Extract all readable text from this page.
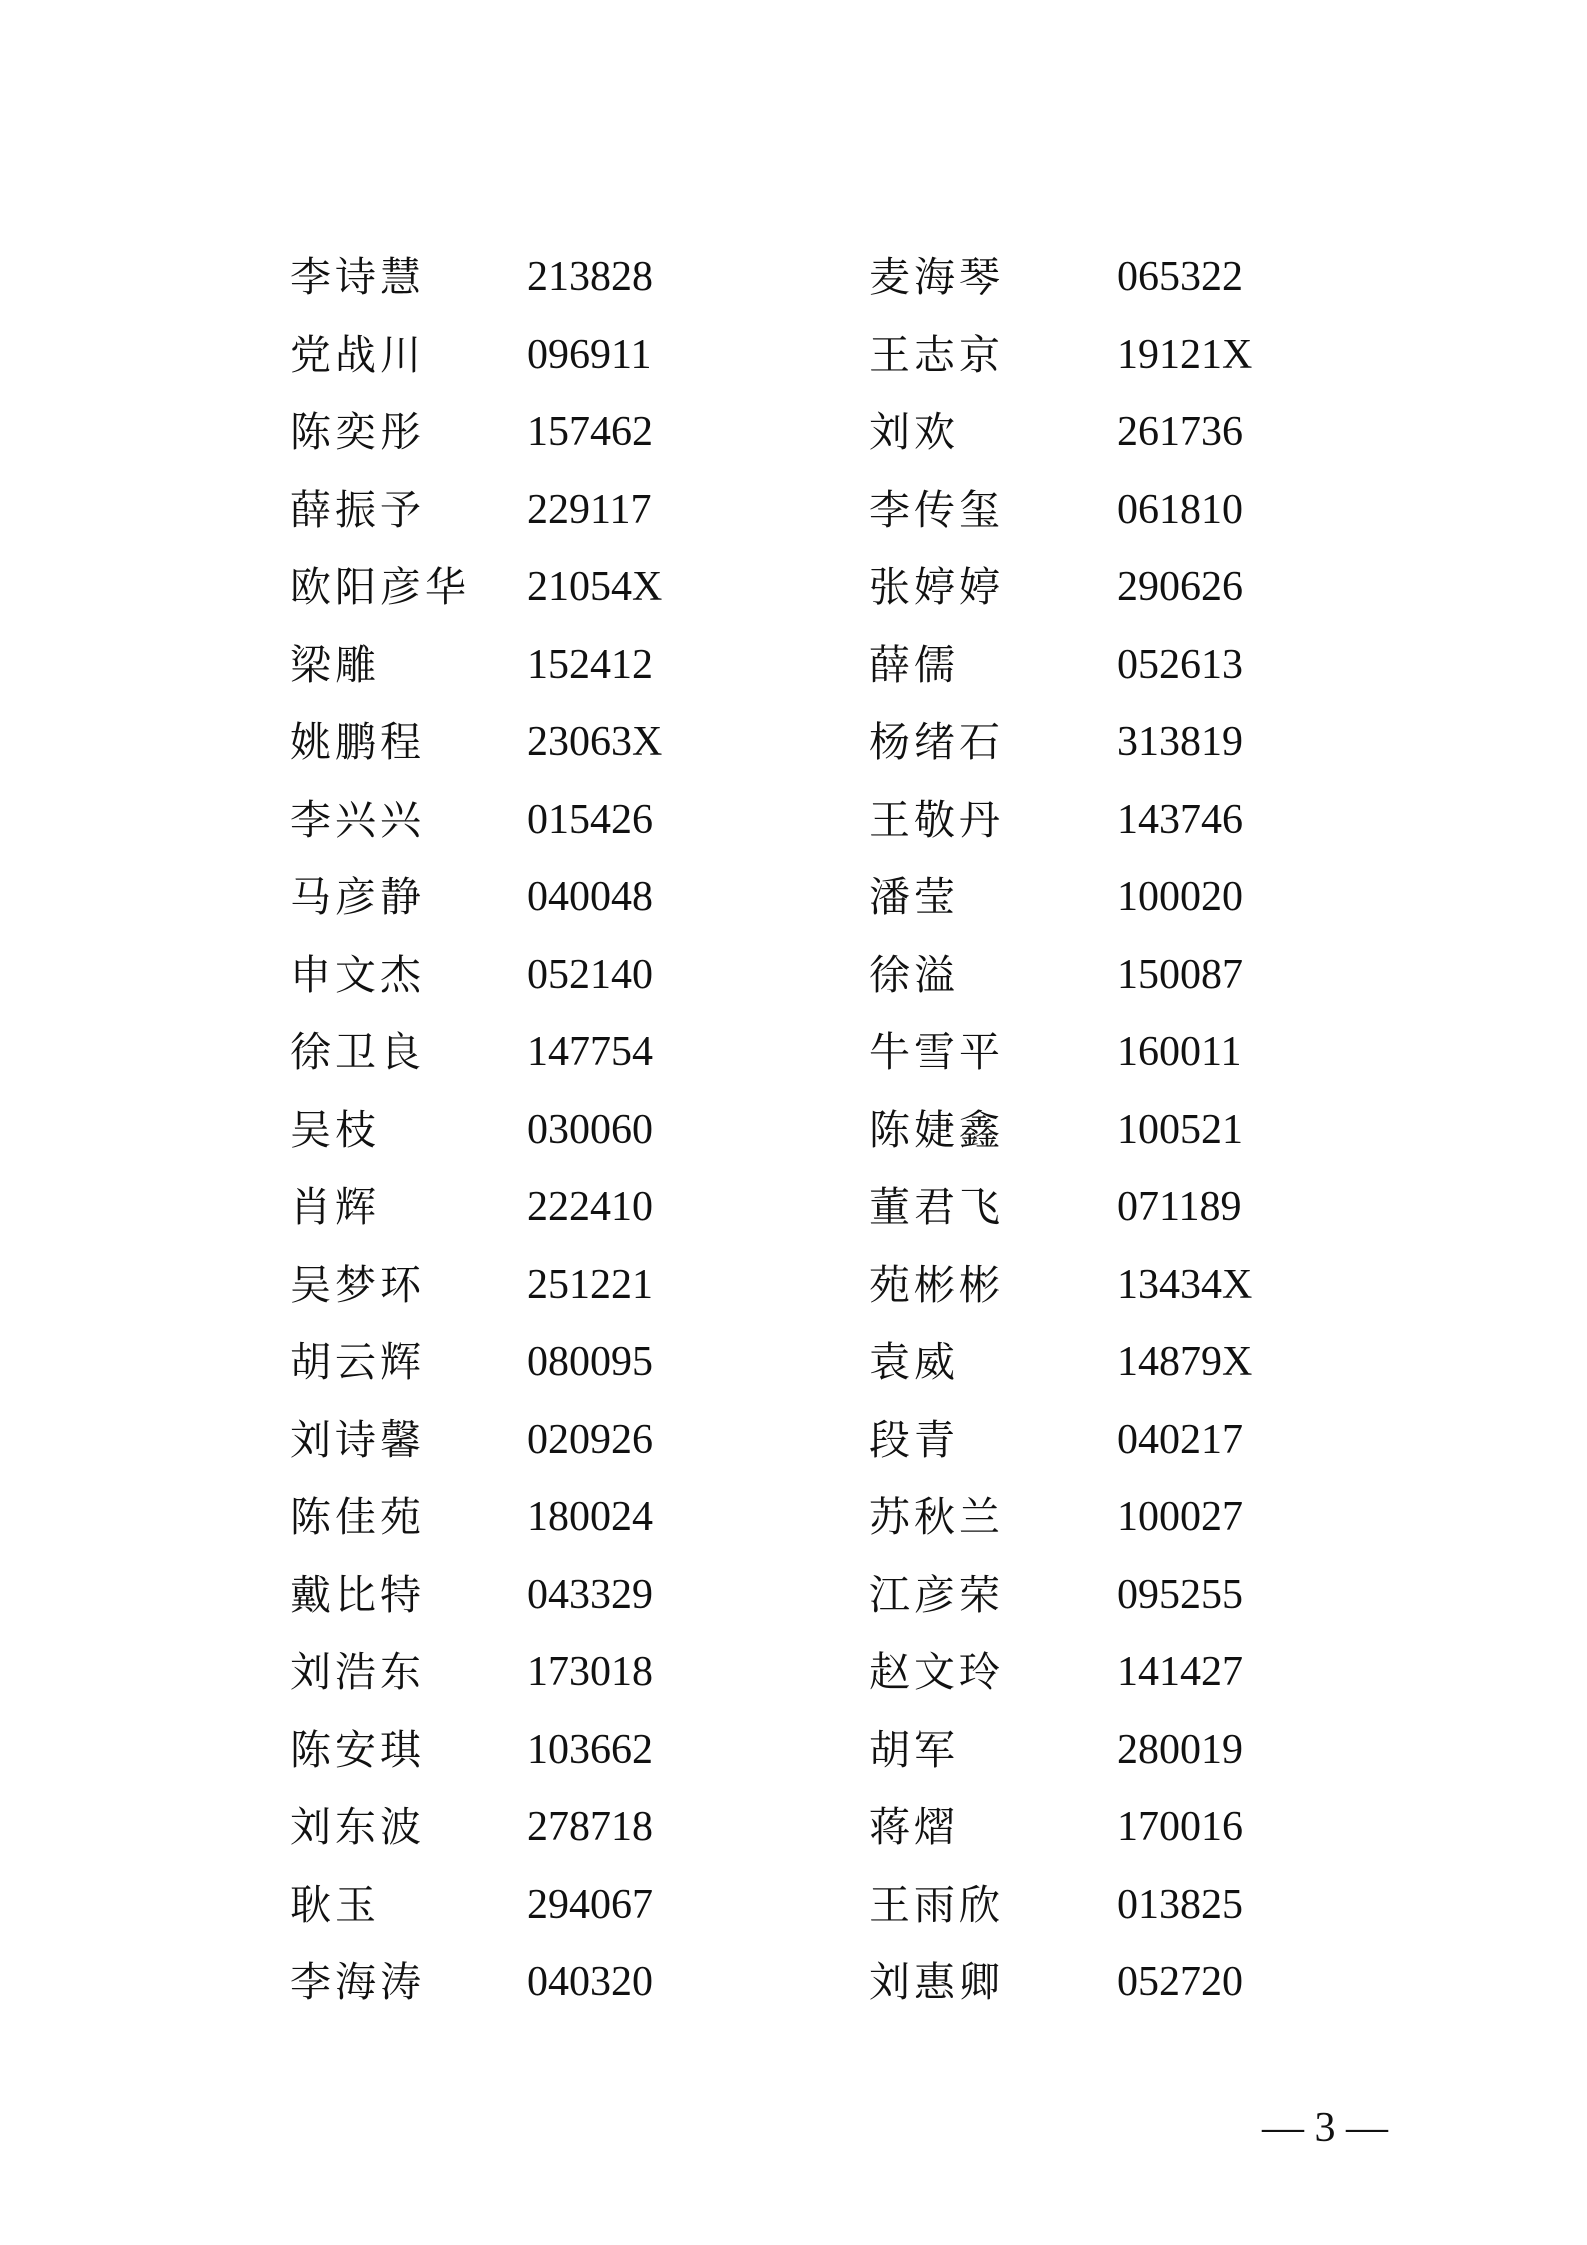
李诗慧 213828	麦海琴	065322
党战川 096911	王志京	19121X
陈奕彤 157462	刘欢	261736
薛振予 229117	李传玺	061810
欧阳彦华 21054X	张婷婷	290626
梁雕	152412	薛儒	052613
姚鹏程 23063X	杨绪石	313819
李兴兴 015426	王敬丹	143746
马彦静 040048	潘莹	100020
申文杰 052140	徐溢	150087
徐卫良 147754	牛雪平	160011
吴枝	030060	陈婕鑫	100521
肖辉	222410	董君飞	071189
吴梦环 251221	苑彬彬	13434X
胡云辉 080095	袁威	14879X
刘诗馨 020926	段青	040217
陈佳苑 180024	苏秋兰	100027
戴比特 043329	江彦荣	095255
刘浩东 173018	赵文玲	141427
陈安琪 103662	胡军	280019
刘东波 278718	蒋熠	170016
耿玉	294067	王雨欣	013825
李海涛 040320	刘惠卿	052720
— 3 —
